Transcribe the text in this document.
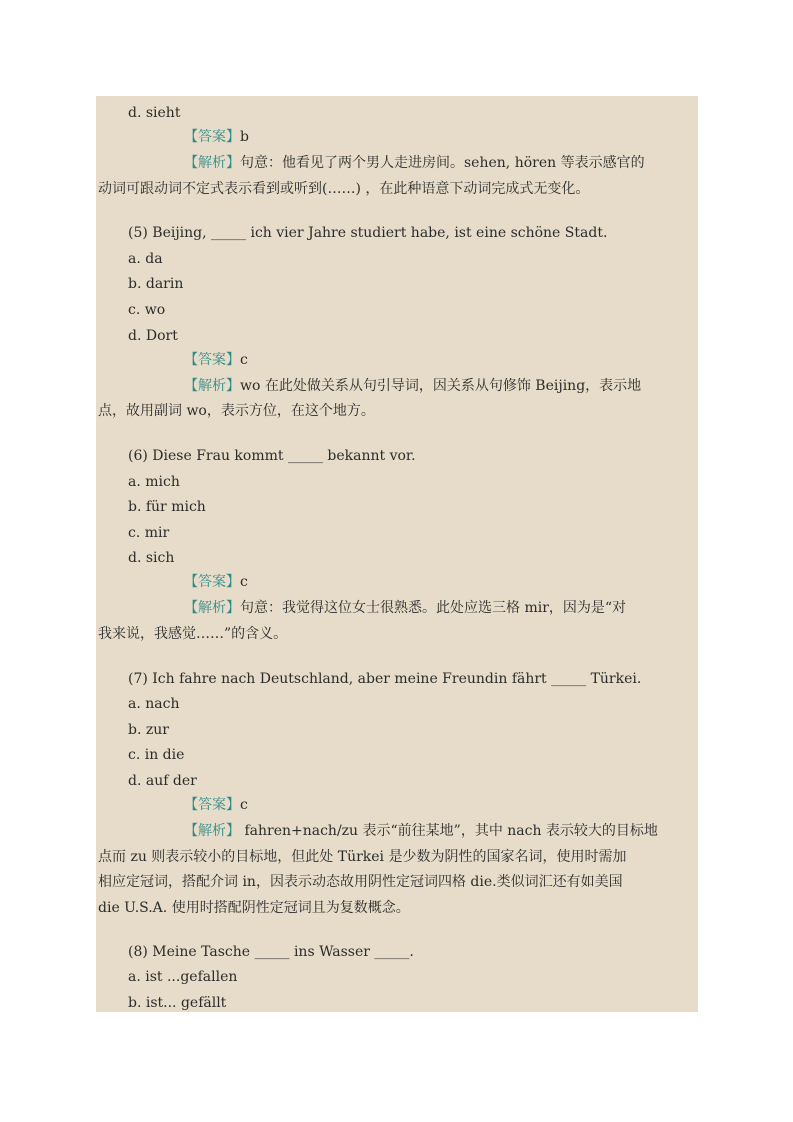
d. sieht
【答案】b
【解析】句意：他看见了两个男人走进房间。sehen, hören 等表示感官的
动词可跟动词不定式表示看到或听到(……) ，在此种语意下动词完成式无变化。
(5) Beijing, _____ ich vier Jahre studiert habe, ist eine schöne Stadt.
a. da
b. darin
c. wo
d. Dort
【答案】c
【解析】wo 在此处做关系从句引导词，因关系从句修饰 Beijing，表示地
点，故用副词 wo，表示方位，在这个地方。
(6) Diese Frau kommt _____ bekannt vor.
a. mich
b. für mich
c. mir
d. sich
【答案】c
【解析】句意：我觉得这位女士很熟悉。此处应选三格 mir，因为是“对
我来说，我感觉……”的含义。
(7) Ich fahre nach Deutschland, aber meine Freundin fährt _____ Türkei.
a. nach
b. zur
c. in die
d. auf der
【答案】c
【解析】 fahren+nach/zu 表示“前往某地”，其中 nach 表示较大的目标地
点而 zu 则表示较小的目标地，但此处 Türkei 是少数为阴性的国家名词，使用时需加
相应定冠词，搭配介词 in，因表示动态故用阴性定冠词四格 die.类似词汇还有如美国
die U.S.A. 使用时搭配阴性定冠词且为复数概念。
(8) Meine Tasche _____ ins Wasser _____.
a. ist ...gefallen
b. ist... gefällt
